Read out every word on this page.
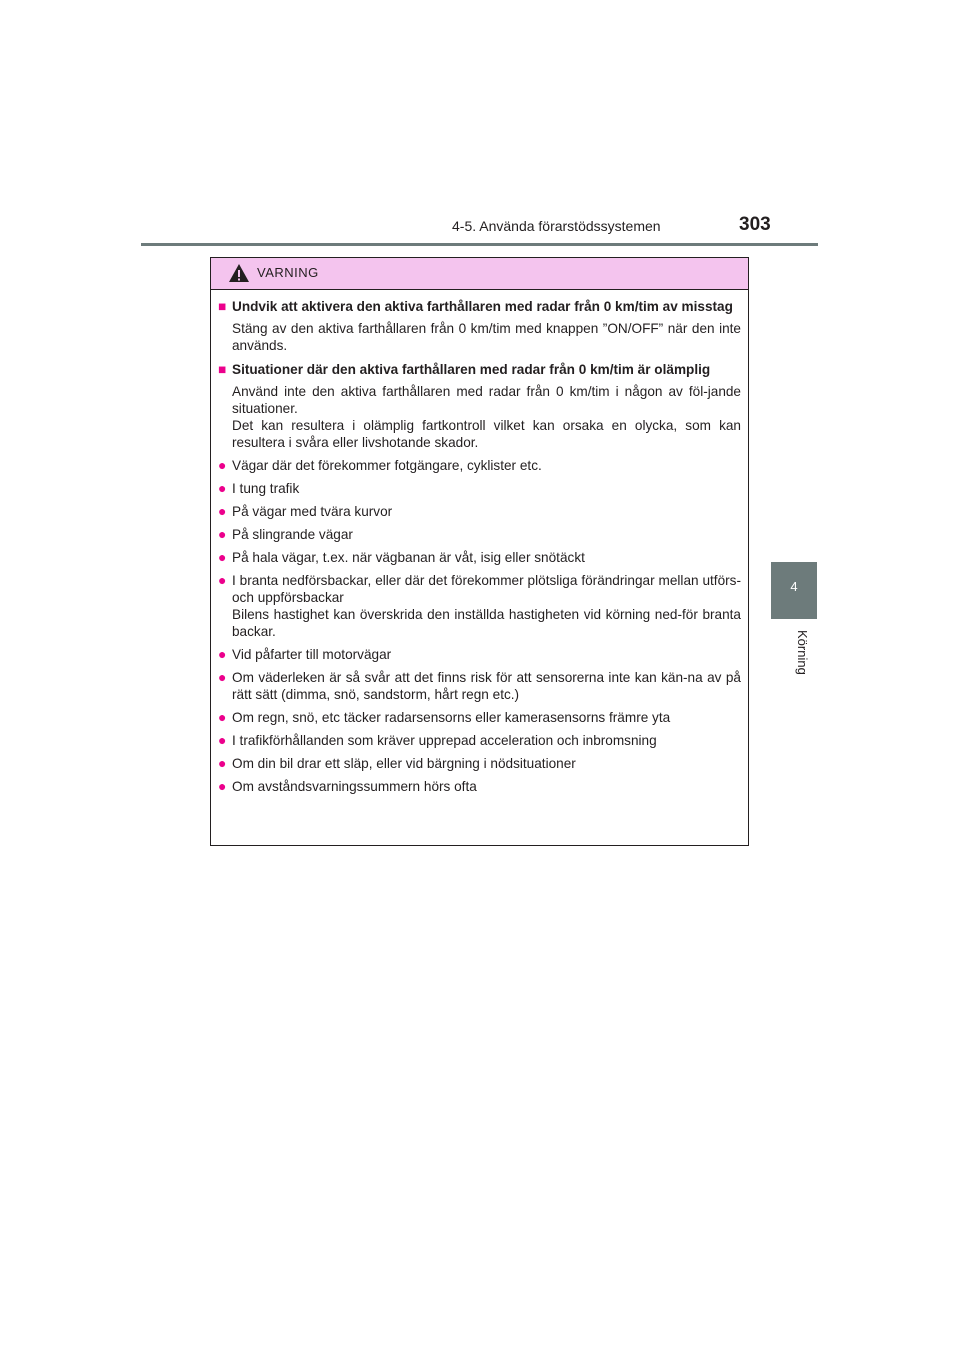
4-5. Använda förarstödssystemen	303
4
Körning
VARNING
■ Undvik att aktivera den aktiva farthållaren med radar från 0 km/tim av misstag
Stäng av den aktiva farthållaren från 0 km/tim med knappen ”ON/OFF” när den inte används.
■ Situationer där den aktiva farthållaren med radar från 0 km/tim är olämplig
Använd inte den aktiva farthållaren med radar från 0 km/tim i någon av föl-jande situationer.
Det kan resultera i olämplig fartkontroll vilket kan orsaka en olycka, som kan resultera i svåra eller livshotande skador.
● Vägar där det förekommer fotgängare, cyklister etc.
● I tung trafik
● På vägar med tvära kurvor
● På slingrande vägar
● På hala vägar, t.ex. när vägbanan är våt, isig eller snötäckt
● I branta nedförsbackar, eller där det förekommer plötsliga förändringar mellan utförs- och uppförsbackar
Bilens hastighet kan överskrida den inställda hastigheten vid körning ned-för branta backar.
● Vid påfarter till motorvägar
● Om väderleken är så svår att det finns risk för att sensorerna inte kan kän-na av på rätt sätt (dimma, snö, sandstorm, hårt regn etc.)
● Om regn, snö, etc täcker radarsensorns eller kamerasensorns främre yta
● I trafikförhållanden som kräver upprepad acceleration och inbromsning
● Om din bil drar ett släp, eller vid bärgning i nödsituationer
● Om avståndsvarningssummern hörs ofta
